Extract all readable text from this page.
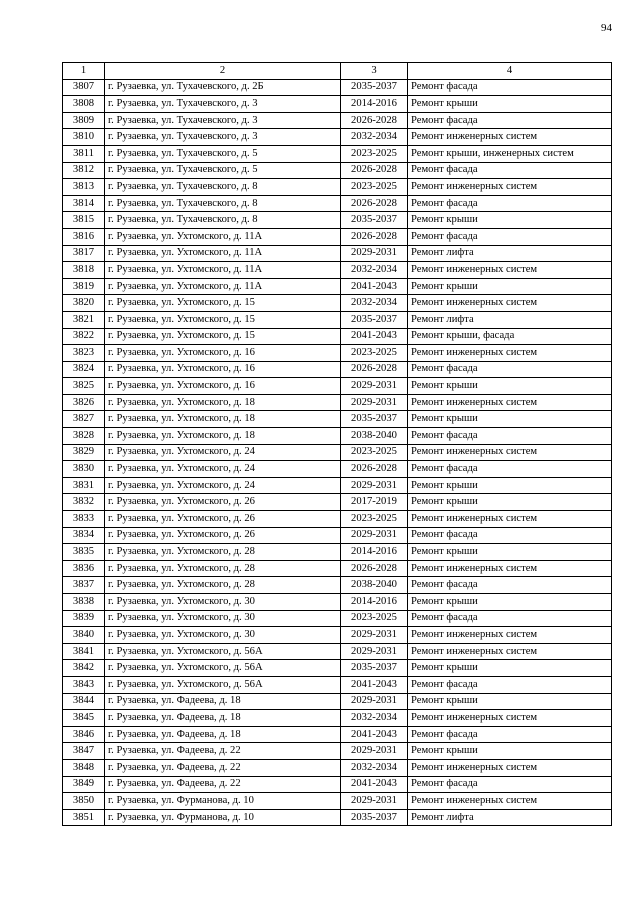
94
1	2	3	4
3807	г. Рузаевка, ул. Тухачевского, д. 2Б	2035-2037	Ремонт фасада
3808	г. Рузаевка, ул. Тухачевского, д. 3	2014-2016	Ремонт крыши
3809	г. Рузаевка, ул. Тухачевского, д. 3	2026-2028	Ремонт фасада
3810	г. Рузаевка, ул. Тухачевского, д. 3	2032-2034	Ремонт инженерных систем
3811	г. Рузаевка, ул. Тухачевского, д. 5	2023-2025	Ремонт крыши, инженерных систем
3812	г. Рузаевка, ул. Тухачевского, д. 5	2026-2028	Ремонт фасада
3813	г. Рузаевка, ул. Тухачевского, д. 8	2023-2025	Ремонт инженерных систем
3814	г. Рузаевка, ул. Тухачевского, д. 8	2026-2028	Ремонт фасада
3815	г. Рузаевка, ул. Тухачевского, д. 8	2035-2037	Ремонт крыши
3816	г. Рузаевка, ул. Ухтомского, д. 11А	2026-2028	Ремонт фасада
3817	г. Рузаевка, ул. Ухтомского, д. 11А	2029-2031	Ремонт лифта
3818	г. Рузаевка, ул. Ухтомского, д. 11А	2032-2034	Ремонт инженерных систем
3819	г. Рузаевка, ул. Ухтомского, д. 11А	2041-2043	Ремонт крыши
3820	г. Рузаевка, ул. Ухтомского, д. 15	2032-2034	Ремонт инженерных систем
3821	г. Рузаевка, ул. Ухтомского, д. 15	2035-2037	Ремонт лифта
3822	г. Рузаевка, ул. Ухтомского, д. 15	2041-2043	Ремонт крыши, фасада
3823	г. Рузаевка, ул. Ухтомского, д. 16	2023-2025	Ремонт инженерных систем
3824	г. Рузаевка, ул. Ухтомского, д. 16	2026-2028	Ремонт фасада
3825	г. Рузаевка, ул. Ухтомского, д. 16	2029-2031	Ремонт крыши
3826	г. Рузаевка, ул. Ухтомского, д. 18	2029-2031	Ремонт инженерных систем
3827	г. Рузаевка, ул. Ухтомского, д. 18	2035-2037	Ремонт крыши
3828	г. Рузаевка, ул. Ухтомского, д. 18	2038-2040	Ремонт фасада
3829	г. Рузаевка, ул. Ухтомского, д. 24	2023-2025	Ремонт инженерных систем
3830	г. Рузаевка, ул. Ухтомского, д. 24	2026-2028	Ремонт фасада
3831	г. Рузаевка, ул. Ухтомского, д. 24	2029-2031	Ремонт крыши
3832	г. Рузаевка, ул. Ухтомского, д. 26	2017-2019	Ремонт крыши
3833	г. Рузаевка, ул. Ухтомского, д. 26	2023-2025	Ремонт инженерных систем
3834	г. Рузаевка, ул. Ухтомского, д. 26	2029-2031	Ремонт фасада
3835	г. Рузаевка, ул. Ухтомского, д. 28	2014-2016	Ремонт крыши
3836	г. Рузаевка, ул. Ухтомского, д. 28	2026-2028	Ремонт инженерных систем
3837	г. Рузаевка, ул. Ухтомского, д. 28	2038-2040	Ремонт фасада
3838	г. Рузаевка, ул. Ухтомского, д. 30	2014-2016	Ремонт крыши
3839	г. Рузаевка, ул. Ухтомского, д. 30	2023-2025	Ремонт фасада
3840	г. Рузаевка, ул. Ухтомского, д. 30	2029-2031	Ремонт инженерных систем
3841	г. Рузаевка, ул. Ухтомского, д. 56А	2029-2031	Ремонт инженерных систем
3842	г. Рузаевка, ул. Ухтомского, д. 56А	2035-2037	Ремонт крыши
3843	г. Рузаевка, ул. Ухтомского, д. 56А	2041-2043	Ремонт фасада
3844	г. Рузаевка, ул. Фадеева, д. 18	2029-2031	Ремонт крыши
3845	г. Рузаевка, ул. Фадеева, д. 18	2032-2034	Ремонт инженерных систем
3846	г. Рузаевка, ул. Фадеева, д. 18	2041-2043	Ремонт фасада
3847	г. Рузаевка, ул. Фадеева, д. 22	2029-2031	Ремонт крыши
3848	г. Рузаевка, ул. Фадеева, д. 22	2032-2034	Ремонт инженерных систем
3849	г. Рузаевка, ул. Фадеева, д. 22	2041-2043	Ремонт фасада
3850	г. Рузаевка, ул. Фурманова, д. 10	2029-2031	Ремонт инженерных систем
3851	г. Рузаевка, ул. Фурманова, д. 10	2035-2037	Ремонт лифта
